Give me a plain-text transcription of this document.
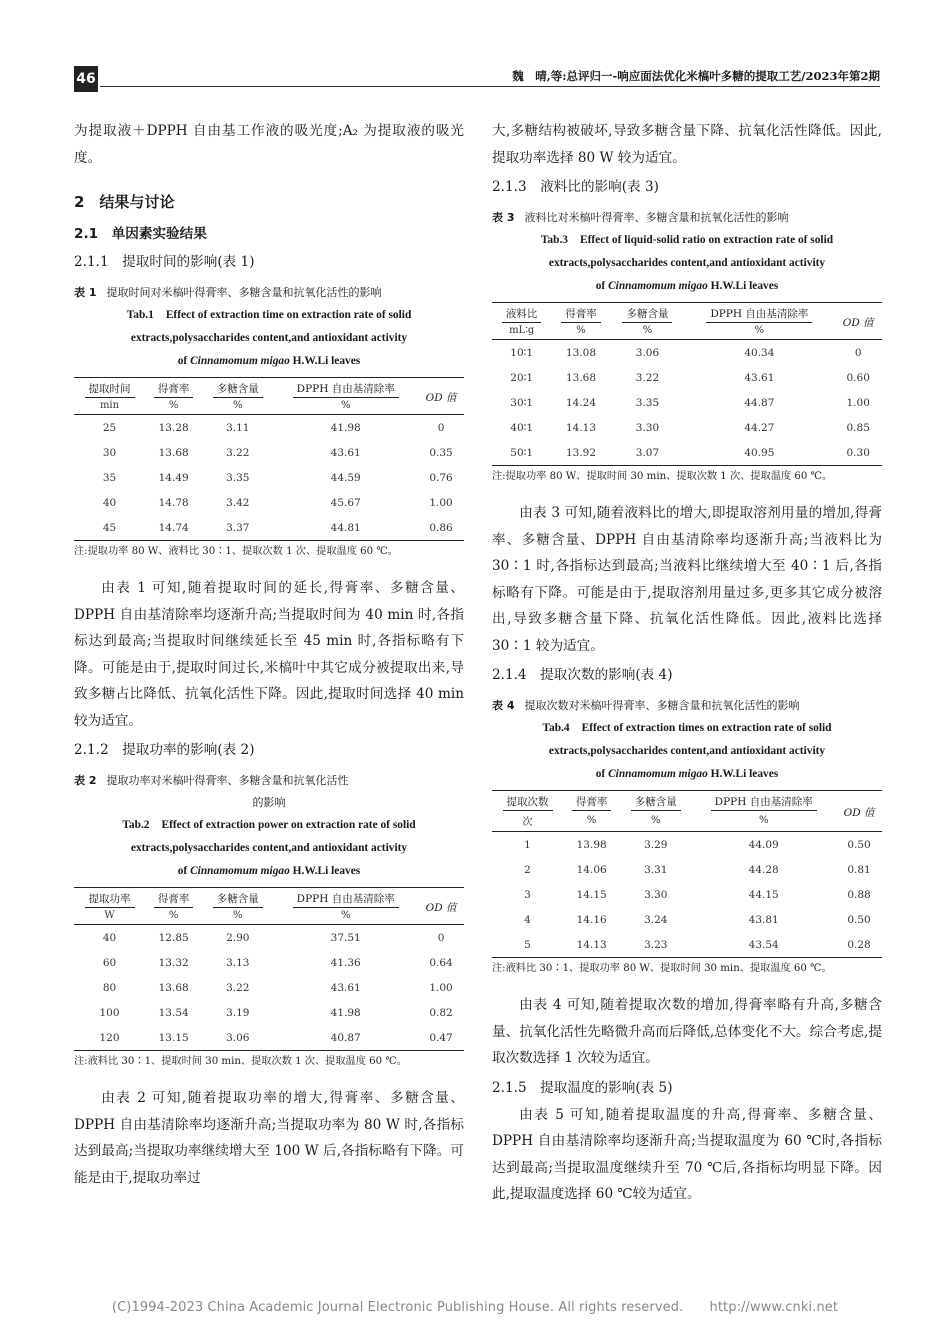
46	魏　晴,等:总评归一-响应面法优化米槁叶多糖的提取工艺/2023年第2期

为提取液＋DPPH 自由基工作液的吸光度;A₂ 为提取液的吸光度。

2　结果与讨论
2.1　单因素实验结果
2.1.1　提取时间的影响(表 1)
表 1 提取时间对米槁叶得膏率、多糖含量和抗氧化活性的影响
Tab.1 Effect of extraction time on extraction rate of solid
extracts,polysaccharides content,and antioxidant activity
of Cinnamomum migao H.W.Li leaves
提取时间	得膏率	多糖含量	DPPH 自由基清除率	OD 值
min	%	%	%	
25	13.28	3.11	41.98	0
30	13.68	3.22	43.61	0.35
35	14.49	3.35	44.59	0.76
40	14.78	3.42	45.67	1.00
45	14.74	3.37	44.81	0.86
注:提取功率 80 W、液料比 30∶1、提取次数 1 次、提取温度 60 ℃。

由表 1 可知,随着提取时间的延长,得膏率、多糖含量、DPPH 自由基清除率均逐渐升高;当提取时间为 40 min 时,各指标达到最高;当提取时间继续延长至 45 min 时,各指标略有下降。可能是由于,提取时间过长,米槁叶中其它成分被提取出来,导致多糖占比降低、抗氧化活性下降。因此,提取时间选择 40 min 较为适宜。

2.1.2　提取功率的影响(表 2)
表 2 提取功率对米槁叶得膏率、多糖含量和抗氧化活性
的影响
Tab.2 Effect of extraction power on extraction rate of solid
extracts,polysaccharides content,and antioxidant activity
of Cinnamomum migao H.W.Li leaves
提取功率	得膏率	多糖含量	DPPH 自由基清除率	OD 值
W	%	%	%	
40	12.85	2.90	37.51	0
60	13.32	3.13	41.36	0.64
80	13.68	3.22	43.61	1.00
100	13.54	3.19	41.98	0.82
120	13.15	3.06	40.87	0.47
注:液料比 30∶1、提取时间 30 min、提取次数 1 次、提取温度 60 ℃。

由表 2 可知,随着提取功率的增大,得膏率、多糖含量、DPPH 自由基清除率均逐渐升高;当提取功率为 80 W 时,各指标达到最高;当提取功率继续增大至 100 W 后,各指标略有下降。可能是由于,提取功率过

大,多糖结构被破坏,导致多糖含量下降、抗氧化活性降低。因此,提取功率选择 80 W 较为适宜。

2.1.3　液料比的影响(表 3)
表 3 液料比对米槁叶得膏率、多糖含量和抗氧化活性的影响
Tab.3 Effect of liquid-solid ratio on extraction rate of solid
extracts,polysaccharides content,and antioxidant activity
of Cinnamomum migao H.W.Li leaves
液料比	得膏率	多糖含量	DPPH 自由基清除率	OD 值
mL∶g	%	%	%	
10∶1	13.08	3.06	40.34	0
20∶1	13.68	3.22	43.61	0.60
30∶1	14.24	3.35	44.87	1.00
40∶1	14.13	3.30	44.27	0.85
50∶1	13.92	3.07	40.95	0.30
注:提取功率 80 W、提取时间 30 min、提取次数 1 次、提取温度 60 ℃。

由表 3 可知,随着液料比的增大,即提取溶剂用量的增加,得膏率、多糖含量、DPPH 自由基清除率均逐渐升高;当液料比为 30∶1 时,各指标达到最高;当液料比继续增大至 40∶1 后,各指标略有下降。可能是由于,提取溶剂用量过多,更多其它成分被溶出,导致多糖含量下降、抗氧化活性降低。因此,液料比选择 30∶1 较为适宜。

2.1.4　提取次数的影响(表 4)
表 4 提取次数对米槁叶得膏率、多糖含量和抗氧化活性的影响
Tab.4 Effect of extraction times on extraction rate of solid
extracts,polysaccharides content,and antioxidant activity
of Cinnamomum migao H.W.Li leaves
提取次数	得膏率	多糖含量	DPPH 自由基清除率	OD 值
次	%	%	%	
1	13.98	3.29	44.09	0.50
2	14.06	3.31	44.28	0.81
3	14.15	3.30	44.15	0.88
4	14.16	3.24	43.81	0.50
5	14.13	3.23	43.54	0.28
注:液料比 30∶1、提取功率 80 W、提取时间 30 min、提取温度 60 ℃。

由表 4 可知,随着提取次数的增加,得膏率略有升高,多糖含量、抗氧化活性先略微升高而后降低,总体变化不大。综合考虑,提取次数选择 1 次较为适宜。

2.1.5　提取温度的影响(表 5)

由表 5 可知,随着提取温度的升高,得膏率、多糖含量、DPPH 自由基清除率均逐渐升高;当提取温度为 60 ℃时,各指标达到最高;当提取温度继续升至 70 ℃后,各指标均明显下降。因此,提取温度选择 60 ℃较为适宜。

(C)1994-2023 China Academic Journal Electronic Publishing House. All rights reserved.　　http://www.cnki.net
